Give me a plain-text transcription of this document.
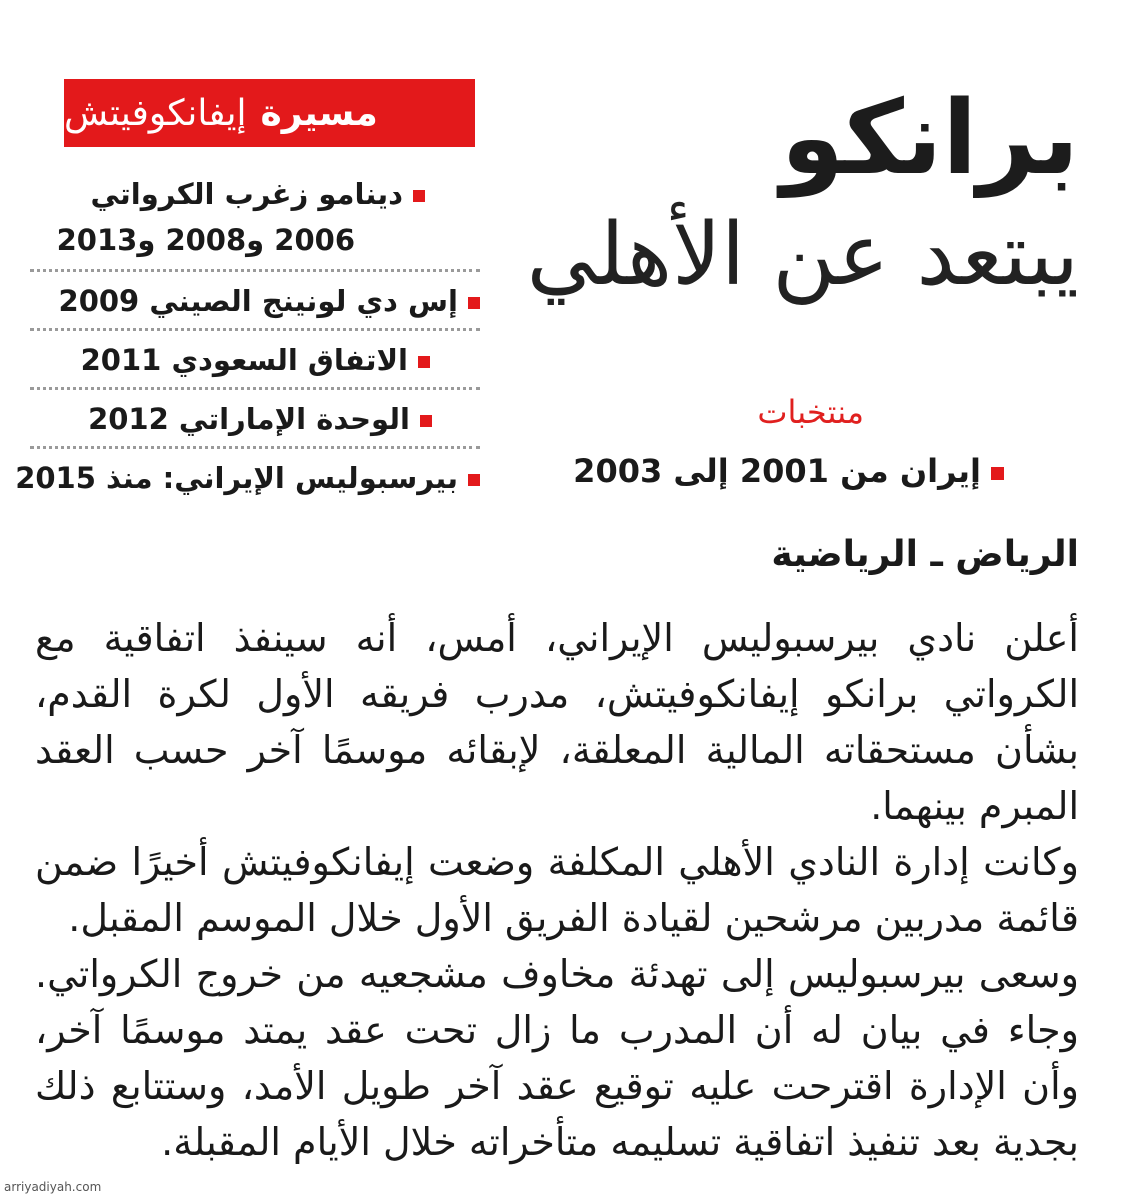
برانكو
يبتعد عن الأهلي
منتخبات
إيران من 2001 إلى 2003
مسيرة
إيفانكوفيتش
دينامو زغرب الكرواتي
2006 و2008 و2013
إس دي لونينج الصيني 2009
الاتفاق السعودي 2011
الوحدة الإماراتي 2012
بيرسبوليس الإيراني: منذ 2015
الرياض ـ الرياضية

أعلن نادي بيرسبوليس الإيراني، أمس، أنه سينفذ اتفاقية مع الكرواتي برانكو إيفانكوفيتش، مدرب فريقه الأول لكرة القدم، بشأن مستحقاته المالية المعلقة، لإبقائه موسمًا آخر حسب العقد المبرم بينهما.

وكانت إدارة النادي الأهلي المكلفة وضعت إيفانكوفيتش أخيرًا ضمن قائمة مدربين مرشحين لقيادة الفريق الأول خلال الموسم المقبل.

وسعى بيرسبوليس إلى تهدئة مخاوف مشجعيه من خروج الكرواتي. وجاء في بيان له أن المدرب ما زال تحت عقد يمتد موسمًا آخر، وأن الإدارة اقترحت عليه توقيع عقد آخر طويل الأمد، وستتابع ذلك بجدية بعد تنفيذ اتفاقية تسليمه متأخراته خلال الأيام المقبلة.

arriyadiyah.com
